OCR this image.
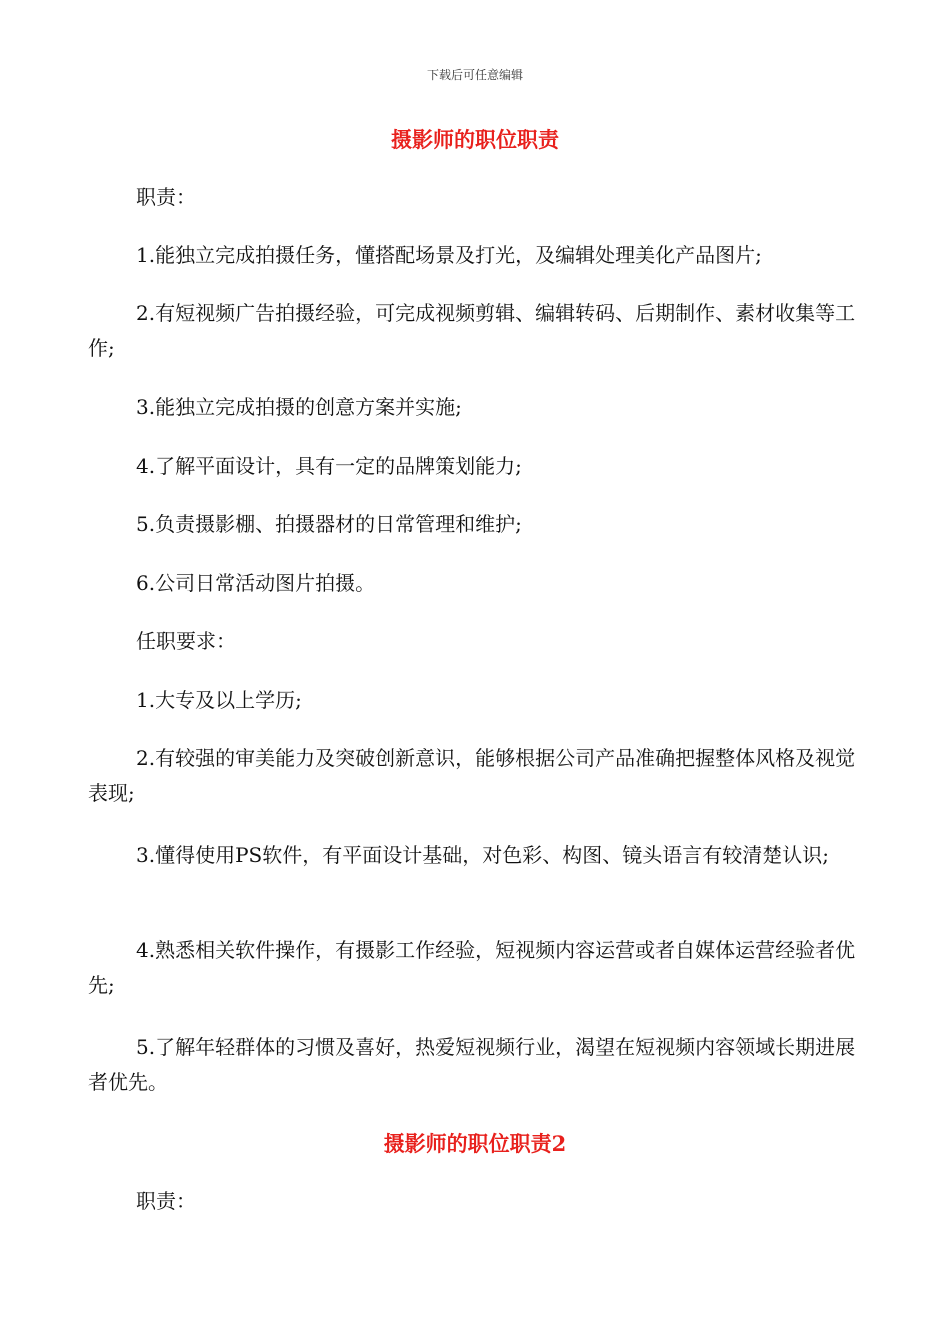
下载后可任意编辑
摄影师的职位职责
职责：
1.能独立完成拍摄任务，懂搭配场景及打光，及编辑处理美化产品图片;
2.有短视频广告拍摄经验，可完成视频剪辑、编辑转码、后期制作、素材收集等工作;
3.能独立完成拍摄的创意方案并实施;
4.了解平面设计，具有一定的品牌策划能力;
5.负责摄影棚、拍摄器材的日常管理和维护;
6.公司日常活动图片拍摄。
任职要求：
1.大专及以上学历;
2.有较强的审美能力及突破创新意识，能够根据公司产品准确把握整体风格及视觉表现;
3.懂得使用PS软件，有平面设计基础，对色彩、构图、镜头语言有较清楚认识;
4.熟悉相关软件操作，有摄影工作经验，短视频内容运营或者自媒体运营经验者优先;
5.了解年轻群体的习惯及喜好，热爱短视频行业，渴望在短视频内容领域长期进展者优先。
摄影师的职位职责2
职责：
